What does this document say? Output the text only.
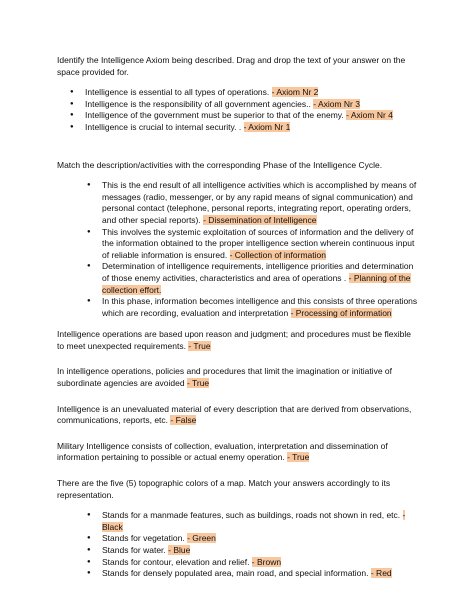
Identify the Intelligence Axiom being described. Drag and drop the text of your answer on the space provided for.

● Intelligence is essential to all types of operations. - Axiom Nr 2
● Intelligence is the responsibility of all government agencies.. - Axiom Nr 3
● Intelligence of the government must be superior to that of the enemy. - Axiom Nr 4
● Intelligence is crucial to internal security. . - Axiom Nr 1

Match the description/activities with the corresponding Phase of the Intelligence Cycle.

● This is the end result of all intelligence activities which is accomplished by means of messages (radio, messenger, or by any rapid means of signal communication) and personal contact (telephone, personal reports, integrating report, operating orders, and other special reports). - Dissemination of Intelligence
● This involves the systemic exploitation of sources of information and the delivery of the information obtained to the proper intelligence section wherein continuous input of reliable information is ensured. - Collection of information
● Determination of intelligence requirements, intelligence priorities and determination of those enemy activities, characteristics and area of operations . - Planning of the collection effort.
● In this phase, information becomes intelligence and this consists of three operations which are recording, evaluation and interpretation - Processing of information

Intelligence operations are based upon reason and judgment; and procedures must be flexible to meet unexpected requirements. - True

In intelligence operations, policies and procedures that limit the imagination or initiative of subordinate agencies are avoided - True

Intelligence is an unevaluated material of every description that are derived from observations, communications, reports, etc. - False

Military Intelligence consists of collection, evaluation, interpretation and dissemination of information pertaining to possible or actual enemy operation. - True

There are the five (5) topographic colors of a map. Match your answers accordingly to its representation.

● Stands for a manmade features, such as buildings, roads not shown in red, etc. - Black
● Stands for vegetation. - Green
● Stands for water. - Blue
● Stands for contour, elevation and relief. - Brown
● Stands for densely populated area, main road, and special information. - Red
